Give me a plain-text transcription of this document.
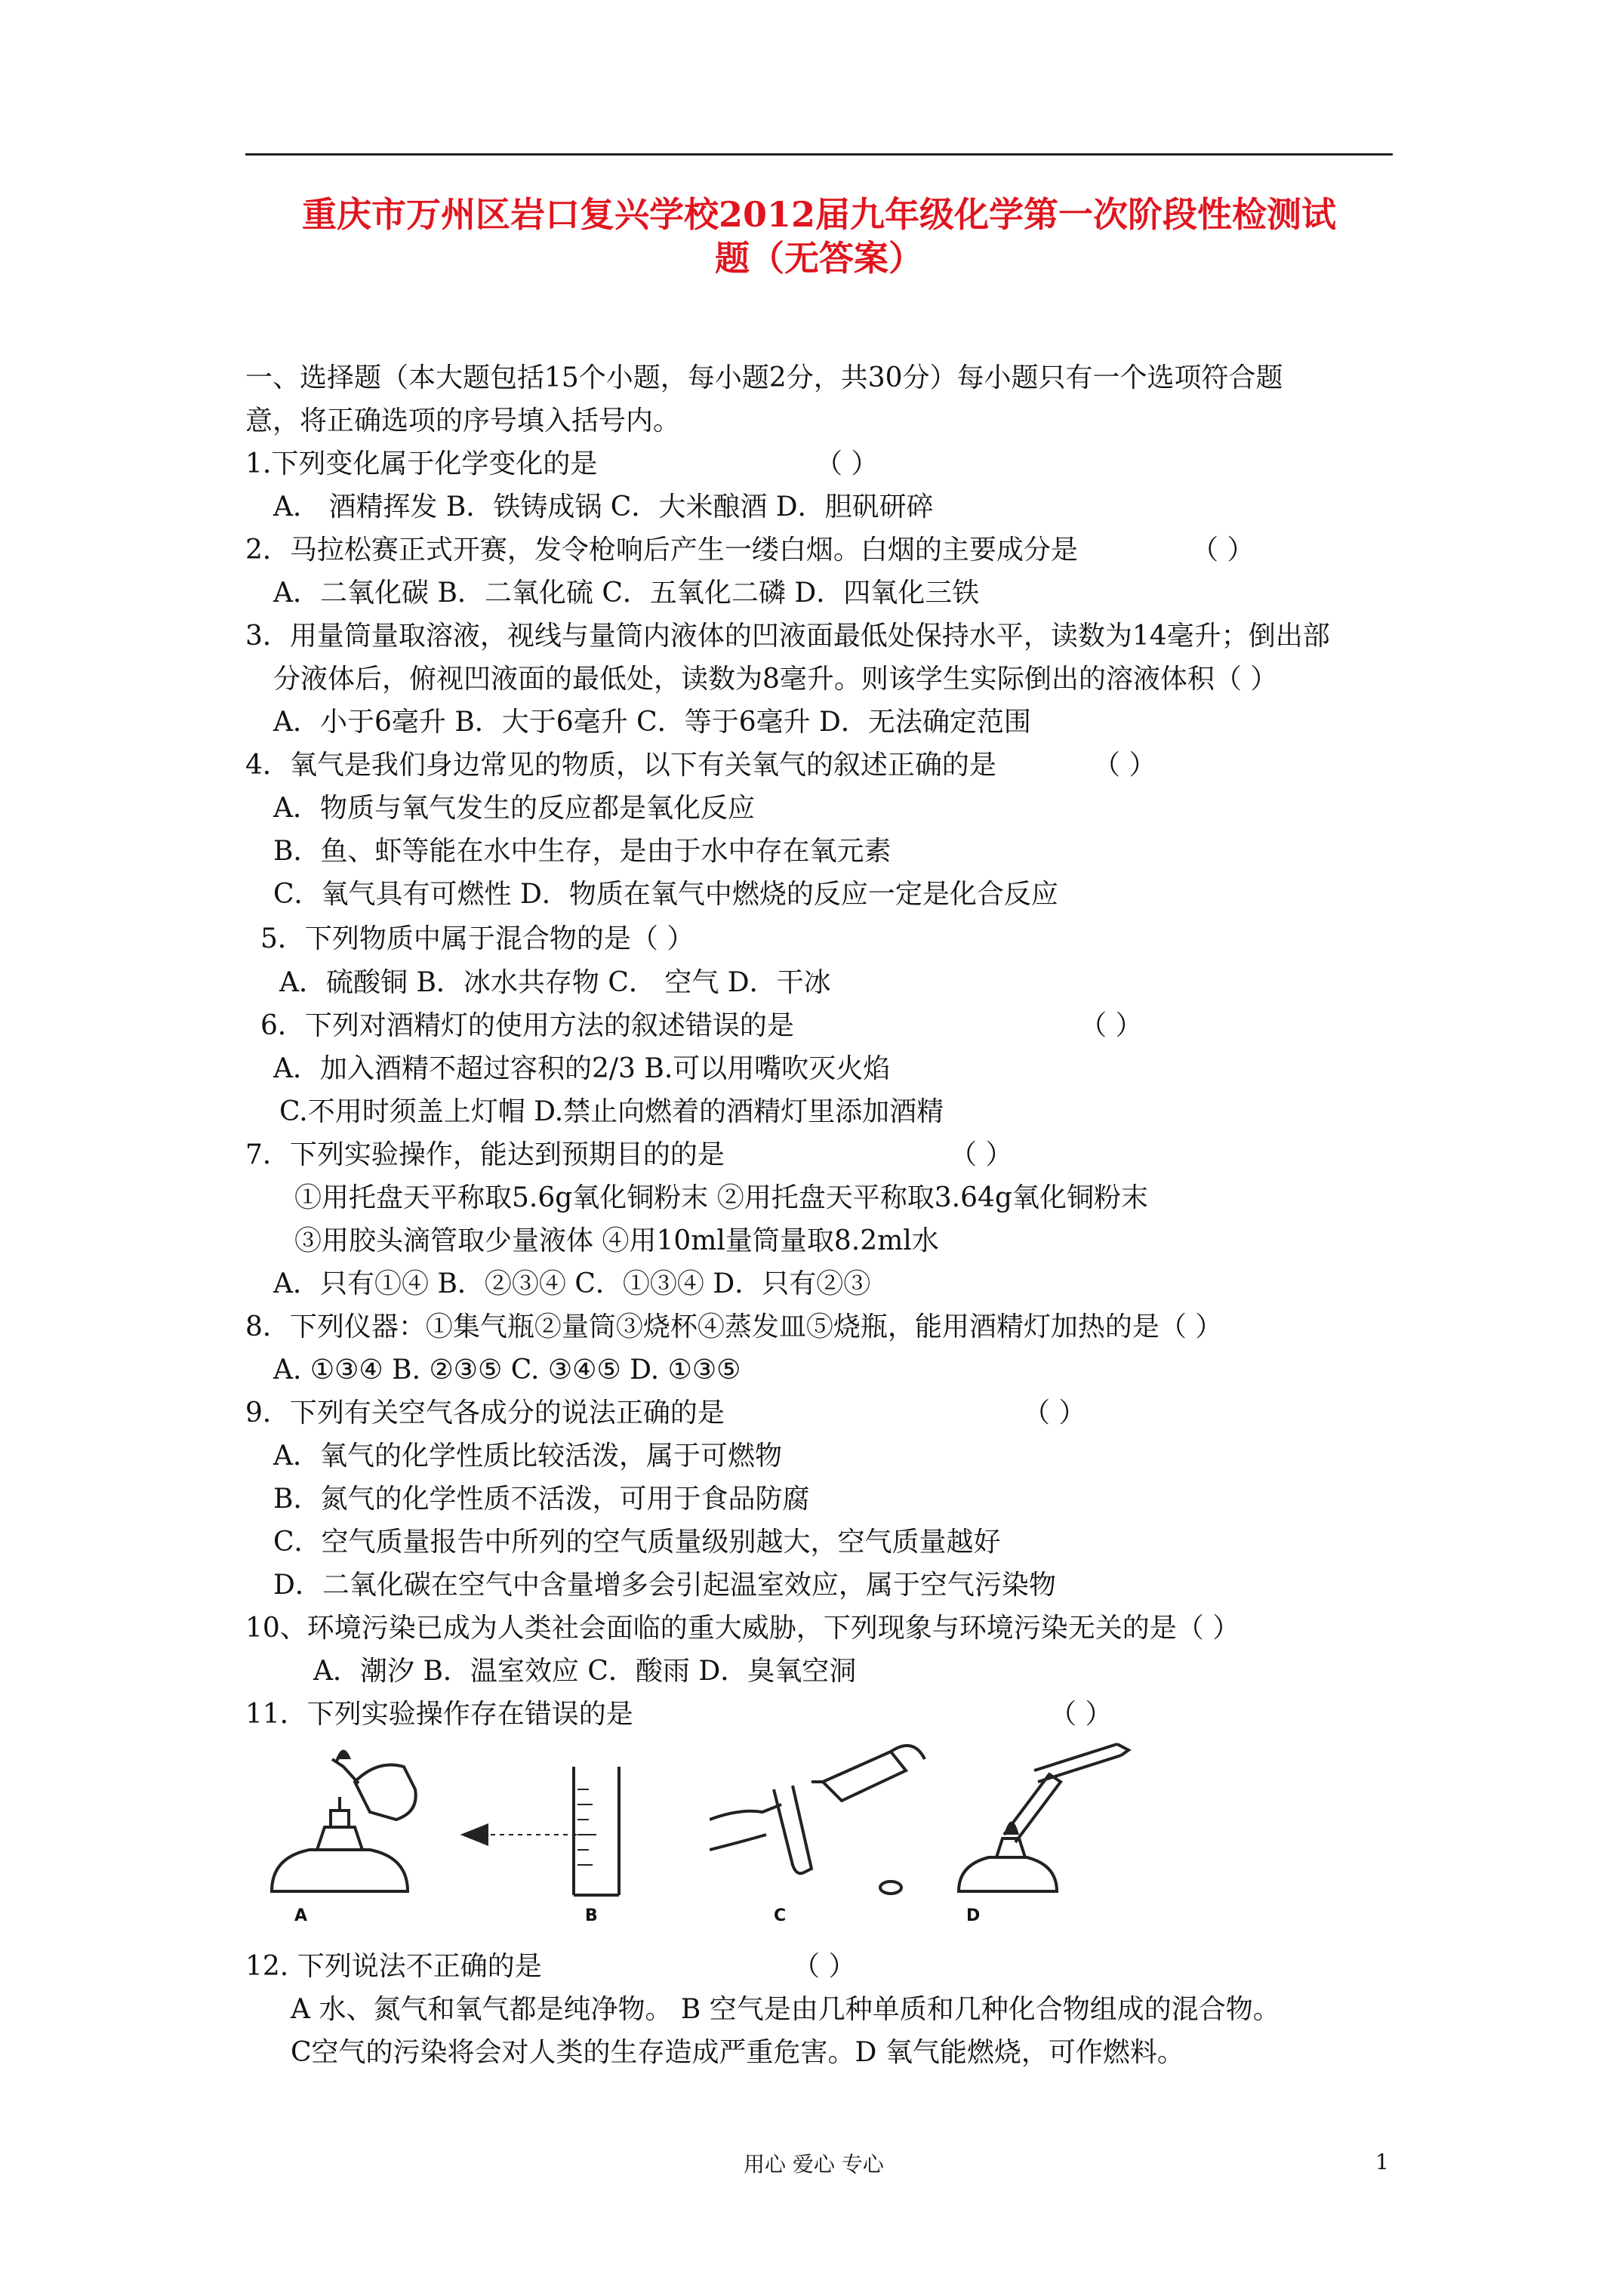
重庆市万州区岩口复兴学校2012届九年级化学第一次阶段性检测试
题（无答案）
一、选择题（本大题包括15个小题，每小题2分，共30分）每小题只有一个选项符合题
意，将正确选项的序号填入括号内。
1.下列变化属于化学变化的是	（ ）
A． 酒精挥发 B．铁铸成锅 C．大米酿酒 D．胆矾研碎
2．马拉松赛正式开赛，发令枪响后产生一缕白烟。白烟的主要成分是	（ ）
A．二氧化碳 B．二氧化硫 C．五氧化二磷 D．四氧化三铁
3．用量筒量取溶液，视线与量筒内液体的凹液面最低处保持水平，读数为14毫升；倒出部
分液体后，俯视凹液面的最低处，读数为8毫升。则该学生实际倒出的溶液体积（ ）
A．小于6毫升 B．大于6毫升 C．等于6毫升 D．无法确定范围
4．氧气是我们身边常见的物质，以下有关氧气的叙述正确的是	（ ）
A．物质与氧气发生的反应都是氧化反应
B．鱼、虾等能在水中生存，是由于水中存在氧元素
C．氧气具有可燃性 D．物质在氧气中燃烧的反应一定是化合反应
5．下列物质中属于混合物的是（ ）
A．硫酸铜 B．冰水共存物 C． 空气 D．干冰
6．下列对酒精灯的使用方法的叙述错误的是	（ ）
A．加入酒精不超过容积的2/3 B.可以用嘴吹灭火焰
C.不用时须盖上灯帽 D.禁止向燃着的酒精灯里添加酒精
7．下列实验操作，能达到预期目的的是	（ ）
①用托盘天平称取5.6g氧化铜粉末 ②用托盘天平称取3.64g氧化铜粉末
③用胶头滴管取少量液体 ④用10ml量筒量取8.2ml水
A．只有①④ B．②③④ C．①③④ D．只有②③
8．下列仪器：①集气瓶②量筒③烧杯④蒸发皿⑤烧瓶，能用酒精灯加热的是（ ）
A. ①③④ B. ②③⑤ C. ③④⑤ D. ①③⑤
9．下列有关空气各成分的说法正确的是	（ ）
A．氧气的化学性质比较活泼，属于可燃物
B．氮气的化学性质不活泼，可用于食品防腐
C．空气质量报告中所列的空气质量级别越大，空气质量越好
D．二氧化碳在空气中含量增多会引起温室效应，属于空气污染物
10、环境污染已成为人类社会面临的重大威胁，下列现象与环境污染无关的是（ ）
A．潮汐 B．温室效应 C．酸雨 D．臭氧空洞
11．下列实验操作存在错误的是	（ ）
A	B	C	D
12. 下列说法不正确的是	（ ）
A 水、氮气和氧气都是纯净物。 B 空气是由几种单质和几种化合物组成的混合物。
C空气的污染将会对人类的生存造成严重危害。D 氧气能燃烧，可作燃料。
用心 爱心 专心	1
